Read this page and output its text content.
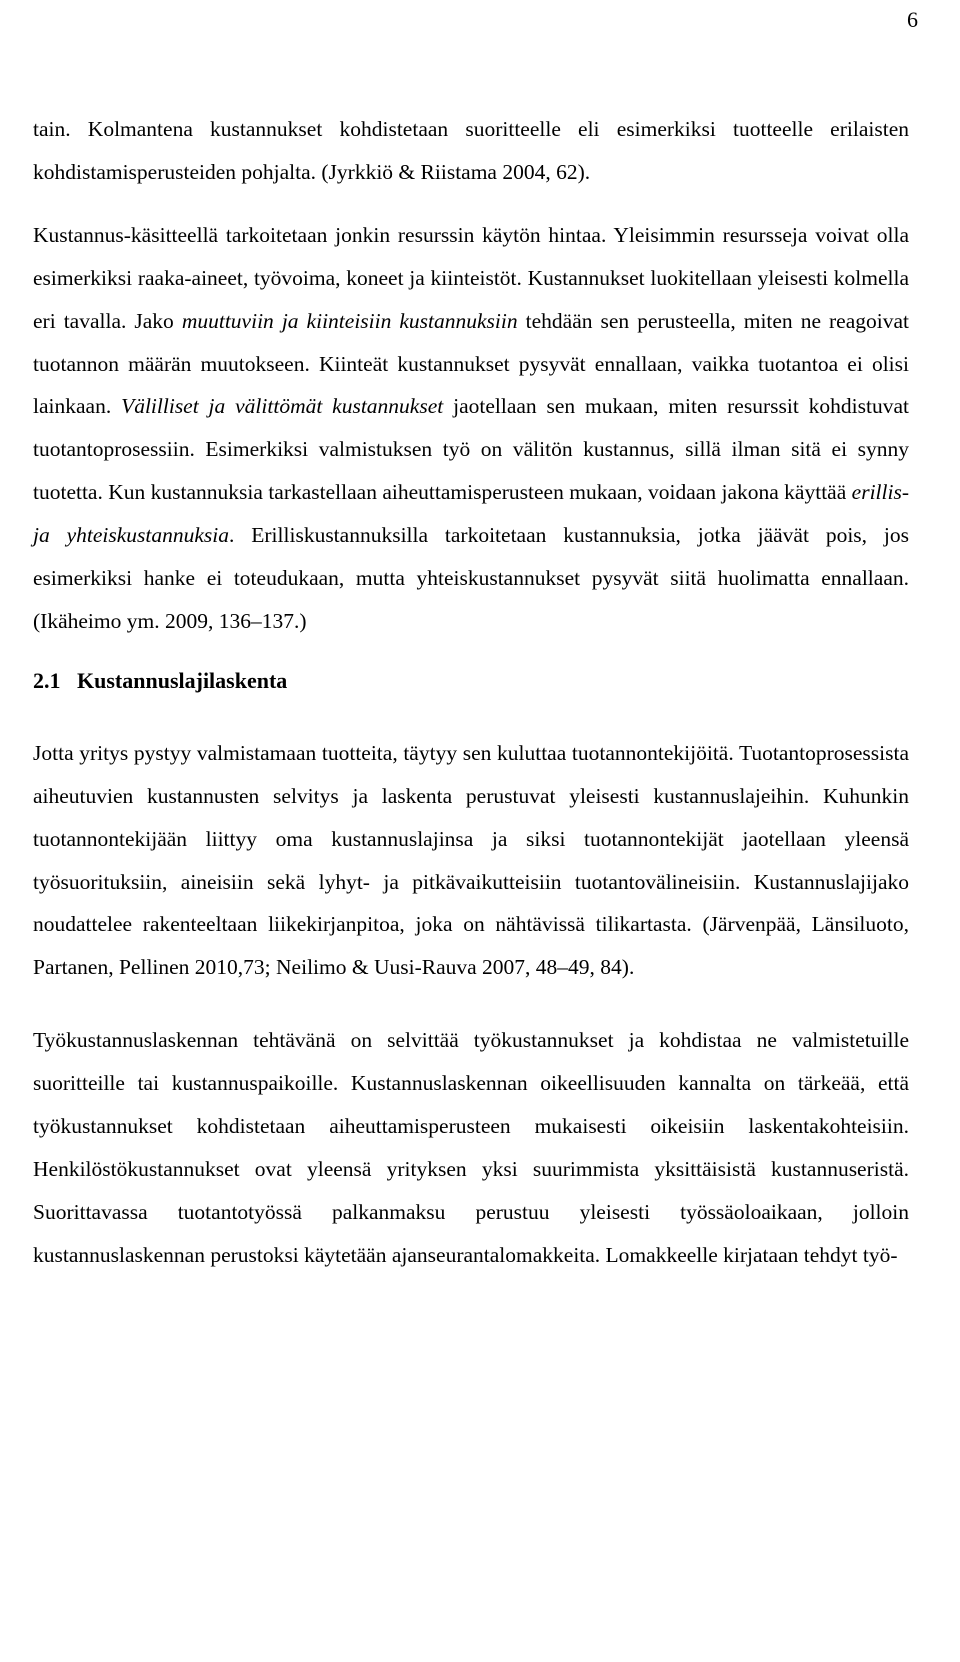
6

tain. Kolmantena kustannukset kohdistetaan suoritteelle eli esimerkiksi tuotteelle erilaisten kohdistamisperusteiden pohjalta. (Jyrkkiö & Riistama 2004, 62).

Kustannus-käsitteellä tarkoitetaan jonkin resurssin käytön hintaa. Yleisimmin resursseja voivat olla esimerkiksi raaka-aineet, työvoima, koneet ja kiinteistöt. Kustannukset luokitellaan yleisesti kolmella eri tavalla. Jako muuttuviin ja kiinteisiin kustannuksiin tehdään sen perusteella, miten ne reagoivat tuotannon määrän muutokseen. Kiinteät kustannukset pysyvät ennallaan, vaikka tuotantoa ei olisi lainkaan. Välilliset ja välittömät kustannukset jaotellaan sen mukaan, miten resurssit kohdistuvat tuotantoprosessiin. Esimerkiksi valmistuksen työ on välitön kustannus, sillä ilman sitä ei synny tuotetta. Kun kustannuksia tarkastellaan aiheuttamisperusteen mukaan, voidaan jakona käyttää erillis- ja yhteiskustannuksia. Erilliskustannuksilla tarkoitetaan kustannuksia, jotka jäävät pois, jos esimerkiksi hanke ei toteudukaan, mutta yhteiskustannukset pysyvät siitä huolimatta ennallaan. (Ikäheimo ym. 2009, 136–137.)

2.1 Kustannuslajilaskenta

Jotta yritys pystyy valmistamaan tuotteita, täytyy sen kuluttaa tuotannontekijöitä. Tuotantoprosessista aiheutuvien kustannusten selvitys ja laskenta perustuvat yleisesti kustannuslajeihin. Kuhunkin tuotannontekijään liittyy oma kustannuslajinsa ja siksi tuotannontekijät jaotellaan yleensä työsuorituksiin, aineisiin sekä lyhyt- ja pitkävaikutteisiin tuotantovälineisiin. Kustannuslajijako noudattelee rakenteeltaan liikekirjanpitoa, joka on nähtävissä tilikartasta. (Järvenpää, Länsiluoto, Partanen, Pellinen 2010,73; Neilimo & Uusi-Rauva 2007, 48–49, 84).

Työkustannuslaskennan tehtävänä on selvittää työkustannukset ja kohdistaa ne valmistetuille suoritteille tai kustannuspaikoille. Kustannuslaskennan oikeellisuuden kannalta on tärkeää, että työkustannukset kohdistetaan aiheuttamisperusteen mukaisesti oikeisiin laskentakohteisiin. Henkilöstökustannukset ovat yleensä yrityksen yksi suurimmista yksittäisistä kustannuseristä. Suorittavassa tuotantotyössä palkanmaksu perustuu yleisesti työssäoloaikaan, jolloin kustannuslaskennan perustoksi käytetään ajanseurantalomakkeita. Lomakkeelle kirjataan tehdyt työ-
